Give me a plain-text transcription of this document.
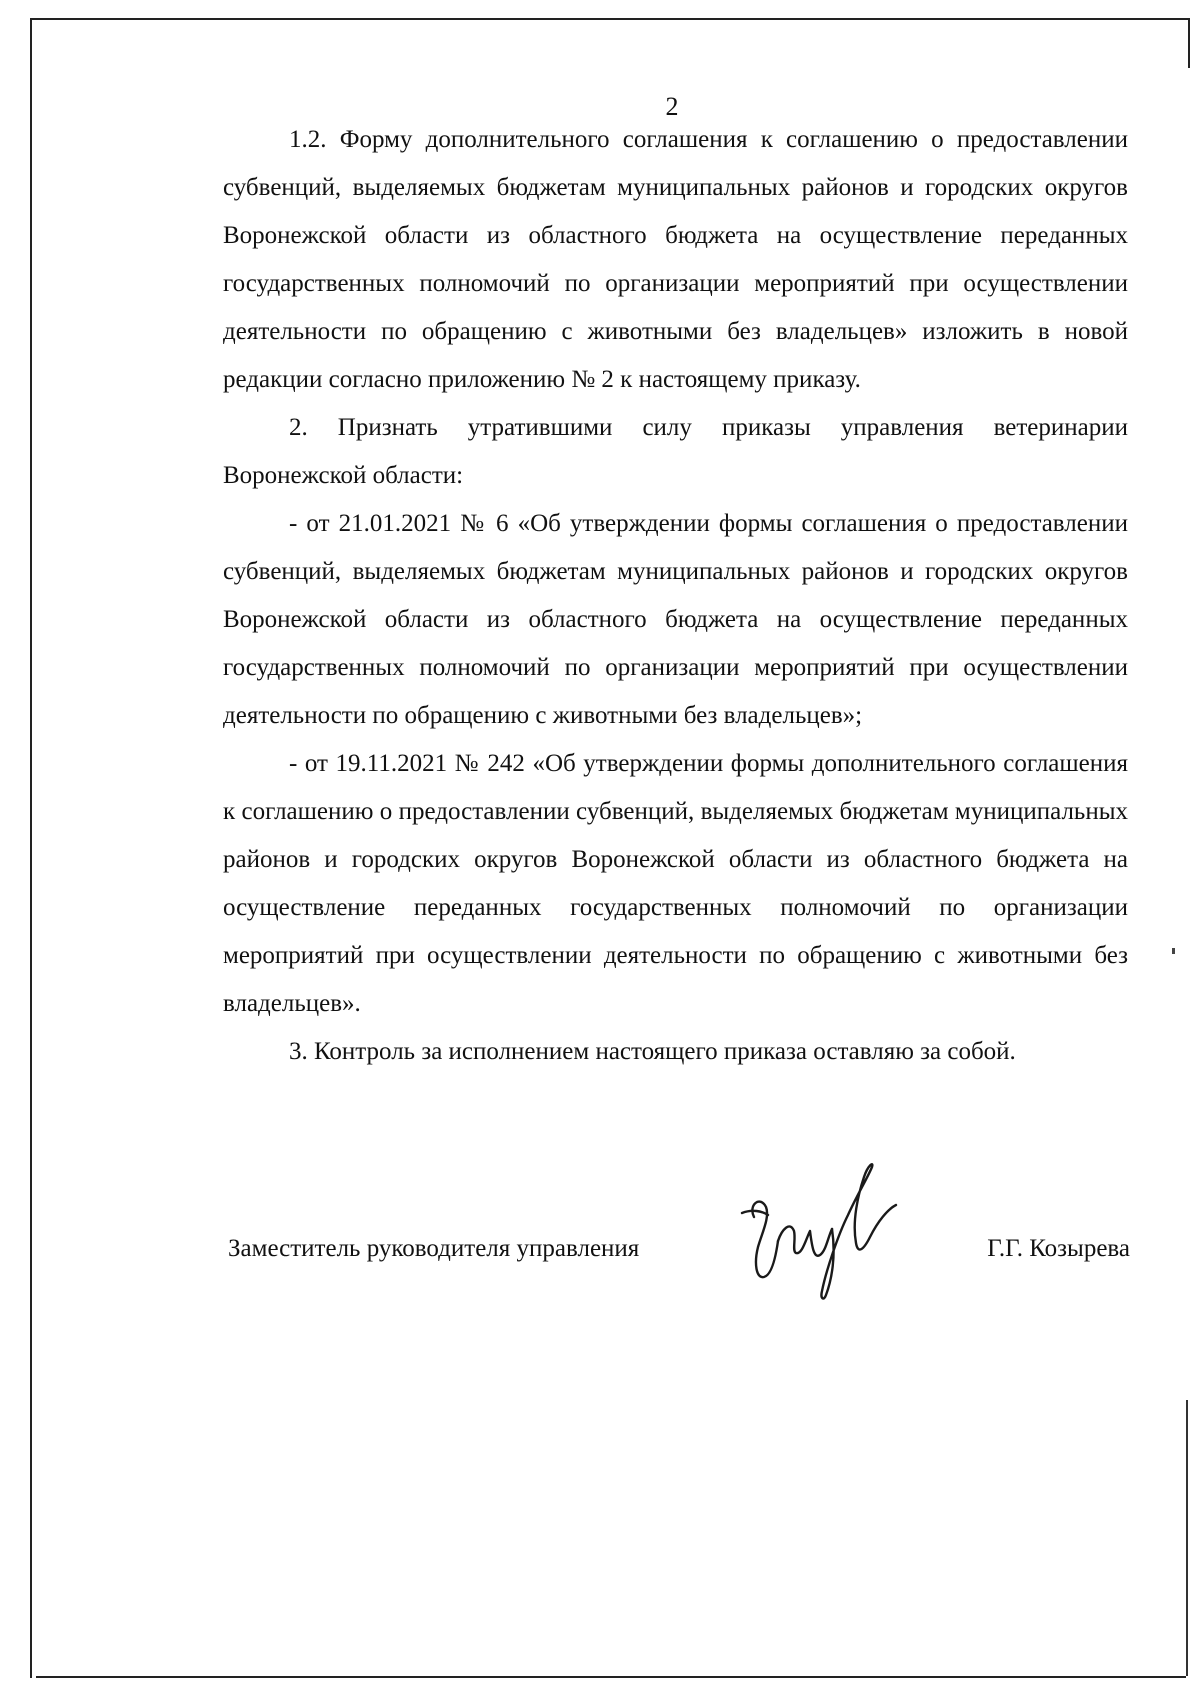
2

1.2. Форму дополнительного соглашения к соглашению о предоставлении субвенций, выделяемых бюджетам муниципальных районов и городских округов Воронежской области из областного бюджета на осуществление переданных государственных полномочий по организации мероприятий при осуществлении деятельности по обращению с животными без владельцев» изложить в новой редакции согласно приложению № 2 к настоящему приказу.

2. Признать утратившими силу приказы управления ветеринарии Воронежской области:

- от 21.01.2021 № 6 «Об утверждении формы соглашения о предоставлении субвенций, выделяемых бюджетам муниципальных районов и городских округов Воронежской области из областного бюджета на осуществление переданных государственных полномочий по организации мероприятий при осуществлении деятельности по обращению с животными без владельцев»;

- от 19.11.2021 № 242 «Об утверждении формы дополнительного соглашения к соглашению о предоставлении субвенций, выделяемых бюджетам муниципальных районов и городских округов Воронежской области из областного бюджета на осуществление переданных государственных полномочий по организации мероприятий при осуществлении деятельности по обращению с животными без владельцев».

3. Контроль за исполнением настоящего приказа оставляю за собой.

Заместитель руководителя управления	Г.Г. Козырева
